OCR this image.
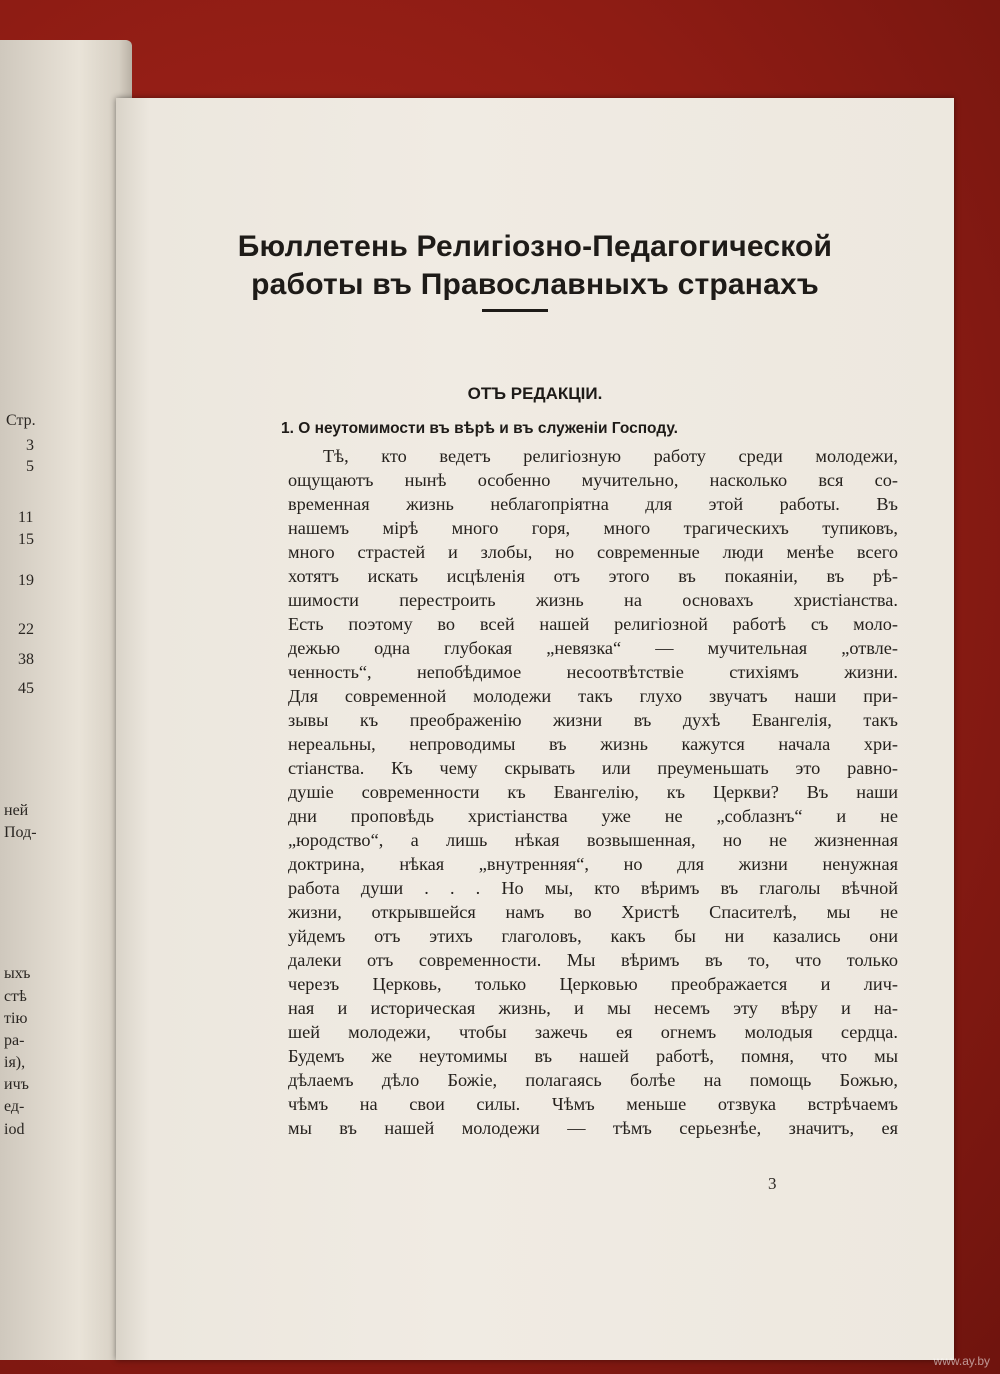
Стр.
3
5
11
15
19
22
38
45
ней
Под-
ыхъ
стѣ
тiю
ра-
iя),
ичъ
ед-
iod
Бюллетень Религiозно-Педагогической
работы въ Православныхъ странахъ
ОТЪ РЕДАКЦIИ.
1. О неутомимости въ вѣрѣ и въ служенiи Господу.
Тѣ, кто ведетъ религiозную работу среди молодежи,
ощущаютъ нынѣ особенно мучительно, насколько вся со-
временная жизнь неблагопрiятна для этой работы. Въ
нашемъ мiрѣ много горя, много трагическихъ тупиковъ,
много страстей и злобы, но современные люди менѣе всего
хотятъ искать исцѣленiя отъ этого въ покаянiи, въ рѣ-
шимости перестроить жизнь на основахъ христiанства.
Есть поэтому во всей нашей религiозной работѣ съ моло-
дежью одна глубокая „невязка“ — мучительная „отвле-
ченность“, непобѣдимое несоотвѣтствiе стихiямъ жизни.
Для современной молодежи такъ глухо звучатъ наши при-
зывы къ преображенiю жизни въ духѣ Евангелiя, такъ
нереальны, непроводимы въ жизнь кажутся начала хри-
стiанства. Къ чему скрывать или преуменьшать это равно-
душiе современности къ Евангелiю, къ Церкви? Въ наши
дни проповѣдь христiанства уже не „соблазнъ“ и не
„юродство“, а лишь нѣкая возвышенная, но не жизненная
доктрина, нѣкая „внутренняя“, но для жизни ненужная
работа души . . . Но мы, кто вѣримъ въ глаголы вѣчной
жизни, открывшейся намъ во Христѣ Спасителѣ, мы не
уйдемъ отъ этихъ глаголовъ, какъ бы ни казались они
далеки отъ современности. Мы вѣримъ въ то, что только
черезъ Церковь, только Церковью преображается и лич-
ная и историческая жизнь, и мы несемъ эту вѣру и на-
шей молодежи, чтобы зажечь ея огнемъ молодыя сердца.
Будемъ же неутомимы въ нашей работѣ, помня, что мы
дѣлаемъ дѣло Божiе, полагаясь болѣе на помощь Божью,
чѣмъ на свои силы. Чѣмъ меньше отзвука встрѣчаемъ
мы въ нашей молодежи — тѣмъ серьезнѣе, значитъ, ея
3
www.ay.by
